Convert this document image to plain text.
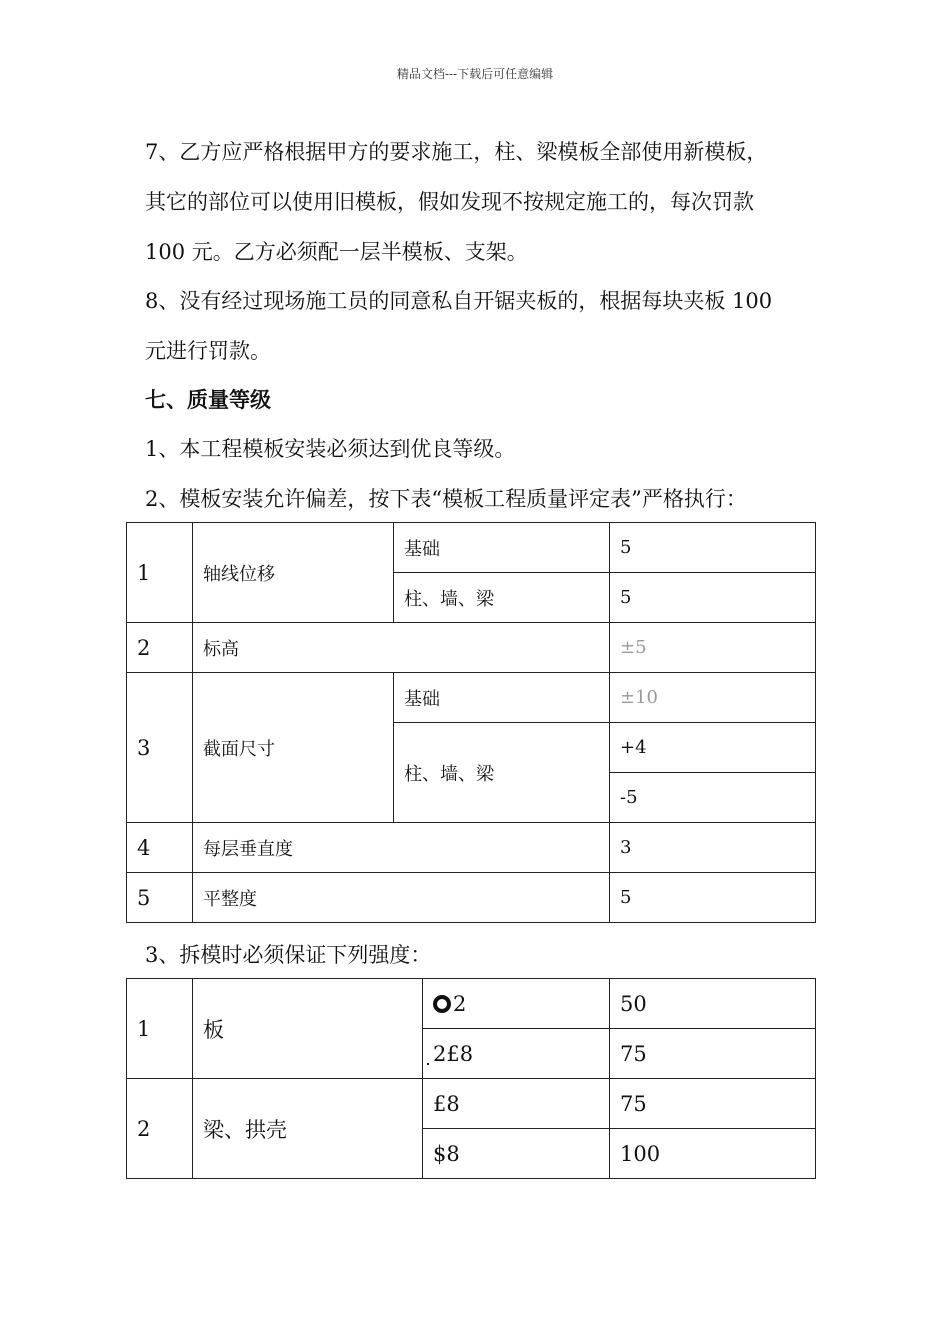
精品文档---下载后可任意编辑
7、乙方应严格根据甲方的要求施工，柱、梁模板全部使用新模板，
其它的部位可以使用旧模板，假如发现不按规定施工的，每次罚款
100 元。乙方必须配一层半模板、支架。
8、没有经过现场施工员的同意私自开锯夹板的，根据每块夹板 100
元进行罚款。
七、质量等级
1、本工程模板安装必须达到优良等级。
2、模板安装允许偏差，按下表“模板工程质量评定表”严格执行：
1	轴线位移	基础	5
		柱、墙、梁	5
2	标高		±5
3	截面尺寸	基础	±10
		柱、墙、梁	+4
			-5
4	每层垂直度		3
5	平整度		5
3、拆模时必须保证下列强度：
1	板	2	50
		2£8	75
2	梁、拱壳	£8	75
		$8	100
